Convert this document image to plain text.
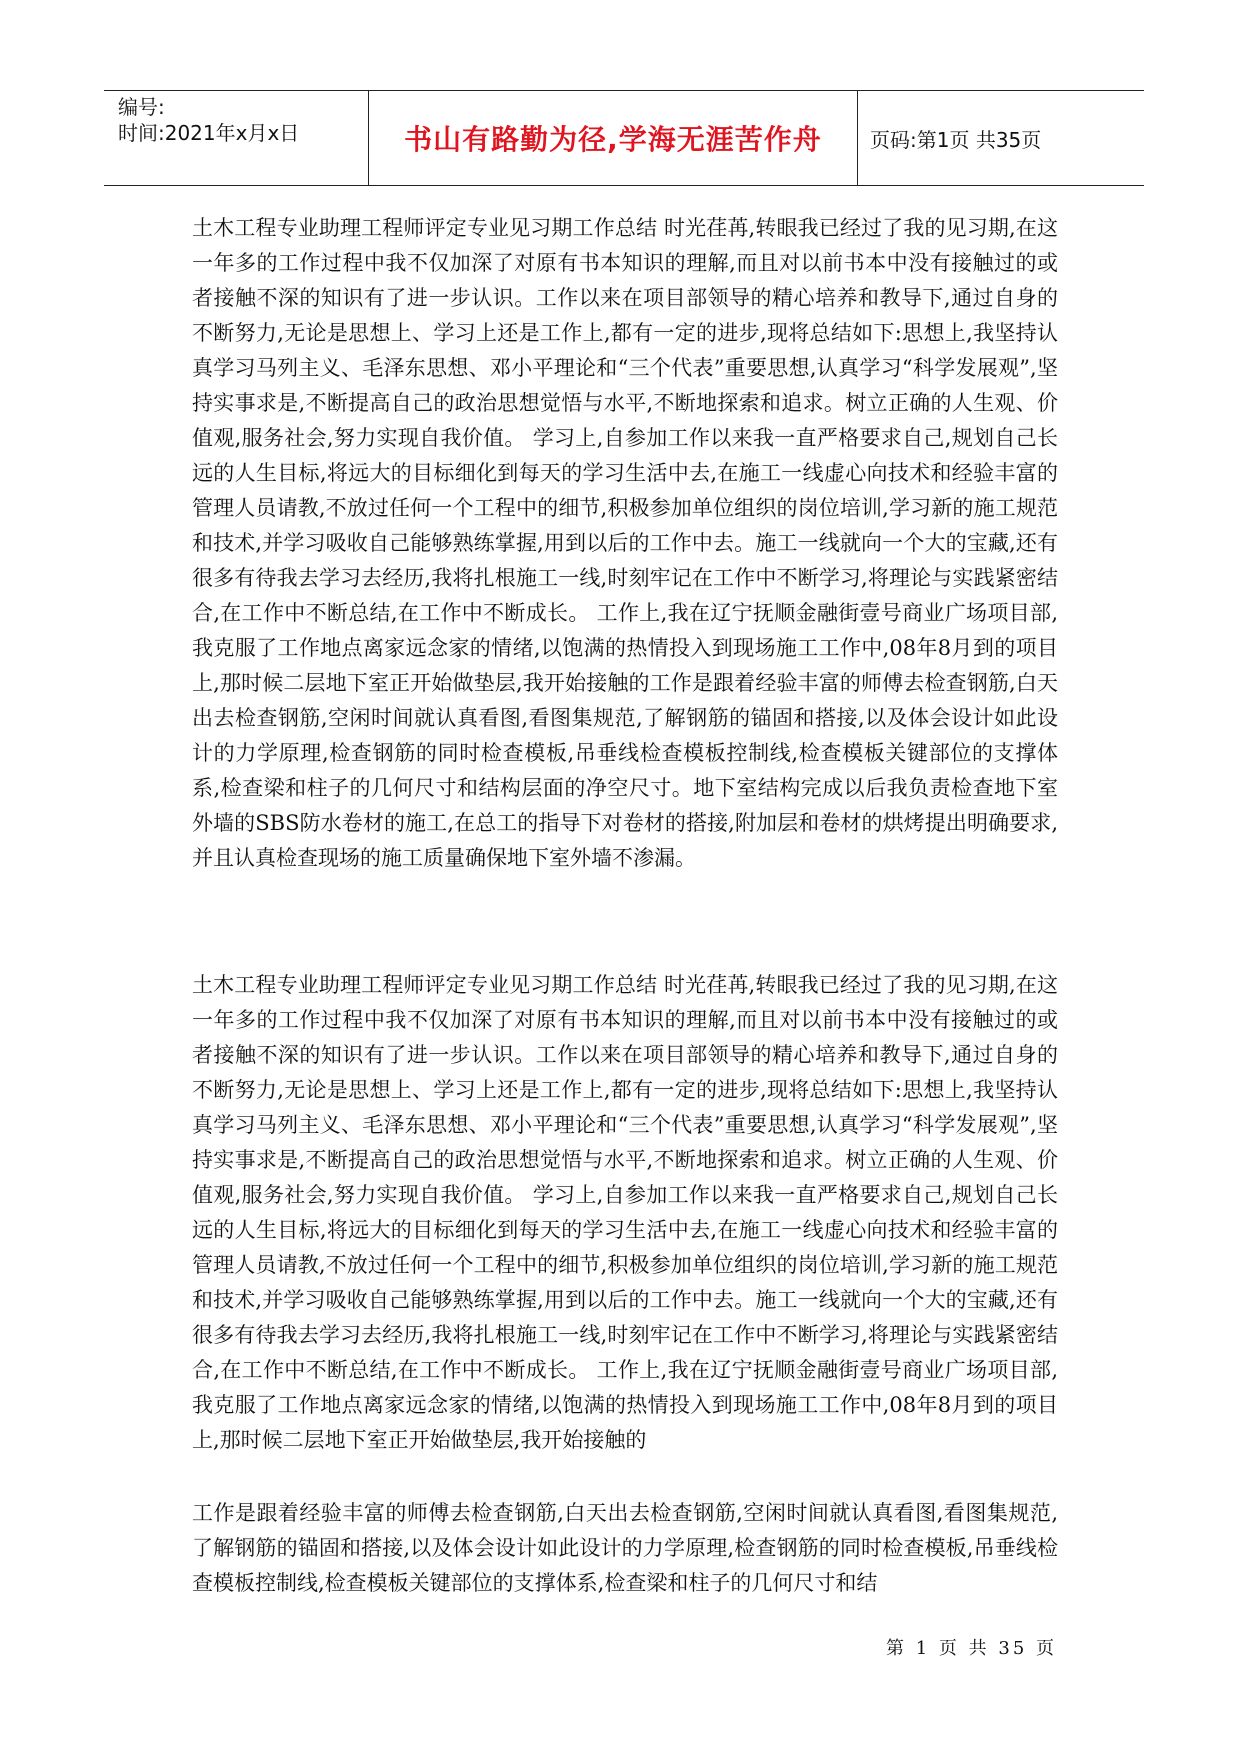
编号:
时间:2021年x月x日	书山有路勤为径,学海无涯苦作舟 页码:第1页 共35页

土木工程专业助理工程师评定专业见习期工作总结 时光荏苒,转眼我已经过了我的见习期,在这一年多的工作过程中我不仅加深了对原有书本知识的理解,而且对以前书本中没有接触过的或者接触不深的知识有了进一步认识。工作以来在项目部领导的精心培养和教导下,通过自身的不断努力,无论是思想上、学习上还是工作上,都有一定的进步,现将总结如下:思想上,我坚持认真学习马列主义、毛泽东思想、邓小平理论和“三个代表”重要思想,认真学习“科学发展观”,坚持实事求是,不断提高自己的政治思想觉悟与水平,不断地探索和追求。树立正确的人生观、价值观,服务社会,努力实现自我价值。 学习上,自参加工作以来我一直严格要求自己,规划自己长远的人生目标,将远大的目标细化到每天的学习生活中去,在施工一线虚心向技术和经验丰富的管理人员请教,不放过任何一个工程中的细节,积极参加单位组织的岗位培训,学习新的施工规范和技术,并学习吸收自己能够熟练掌握,用到以后的工作中去。施工一线就向一个大的宝藏,还有很多有待我去学习去经历,我将扎根施工一线,时刻牢记在工作中不断学习,将理论与实践紧密结合,在工作中不断总结,在工作中不断成长。 工作上,我在辽宁抚顺金融街壹号商业广场项目部,我克服了工作地点离家远念家的情绪,以饱满的热情投入到现场施工工作中,08年8月到的项目上,那时候二层地下室正开始做垫层,我开始接触的工作是跟着经验丰富的师傅去检查钢筋,白天出去检查钢筋,空闲时间就认真看图,看图集规范,了解钢筋的锚固和搭接,以及体会设计如此设计的力学原理,检查钢筋的同时检查模板,吊垂线检查模板控制线,检查模板关键部位的支撑体系,检查梁和柱子的几何尺寸和结构层面的净空尺寸。地下室结构完成以后我负责检查地下室外墙的SBS防水卷材的施工,在总工的指导下对卷材的搭接,附加层和卷材的烘烤提出明确要求,并且认真检查现场的施工质量确保地下室外墙不渗漏。

土木工程专业助理工程师评定专业见习期工作总结 时光荏苒,转眼我已经过了我的见习期,在这一年多的工作过程中我不仅加深了对原有书本知识的理解,而且对以前书本中没有接触过的或者接触不深的知识有了进一步认识。工作以来在项目部领导的精心培养和教导下,通过自身的不断努力,无论是思想上、学习上还是工作上,都有一定的进步,现将总结如下:思想上,我坚持认真学习马列主义、毛泽东思想、邓小平理论和“三个代表”重要思想,认真学习“科学发展观”,坚持实事求是,不断提高自己的政治思想觉悟与水平,不断地探索和追求。树立正确的人生观、价值观,服务社会,努力实现自我价值。 学习上,自参加工作以来我一直严格要求自己,规划自己长远的人生目标,将远大的目标细化到每天的学习生活中去,在施工一线虚心向技术和经验丰富的管理人员请教,不放过任何一个工程中的细节,积极参加单位组织的岗位培训,学习新的施工规范和技术,并学习吸收自己能够熟练掌握,用到以后的工作中去。施工一线就向一个大的宝藏,还有很多有待我去学习去经历,我将扎根施工一线,时刻牢记在工作中不断学习,将理论与实践紧密结合,在工作中不断总结,在工作中不断成长。 工作上,我在辽宁抚顺金融街壹号商业广场项目部,我克服了工作地点离家远念家的情绪,以饱满的热情投入到现场施工工作中,08年8月到的项目上,那时候二层地下室正开始做垫层,我开始接触的

工作是跟着经验丰富的师傅去检查钢筋,白天出去检查钢筋,空闲时间就认真看图,看图集规范,了解钢筋的锚固和搭接,以及体会设计如此设计的力学原理,检查钢筋的同时检查模板,吊垂线检查模板控制线,检查模板关键部位的支撑体系,检查梁和柱子的几何尺寸和结

第 1 页 共 35 页
